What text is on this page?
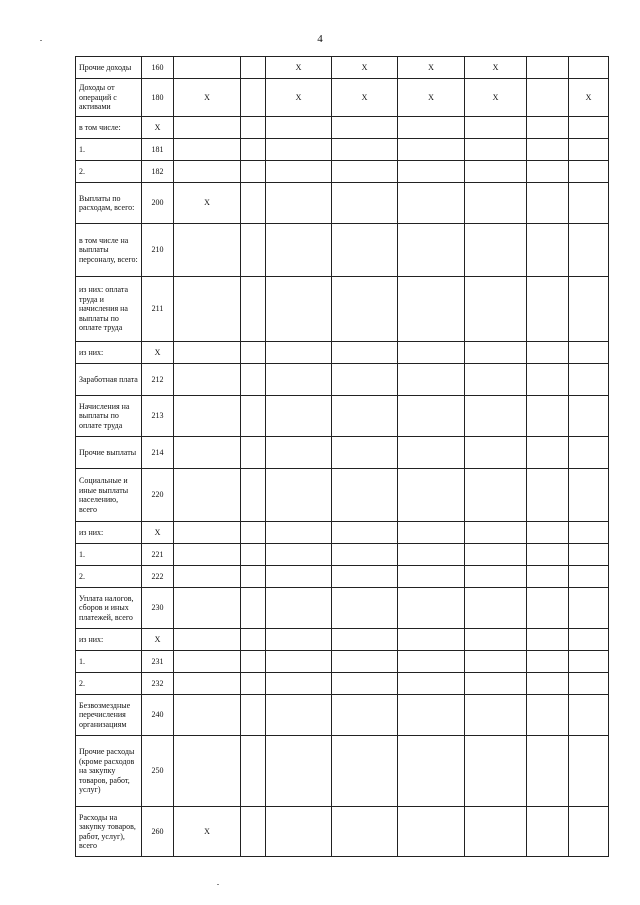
4
Прочие доходы	160			X	X	X	X		
Доходы от операций с активами	180	X		X	X	X	X		X
в том числе:	X								
1.	181								
2.	182								
Выплаты по расходам, всего:	200	X							
в том числе на выплаты персоналу, всего:	210								
из них: оплата труда и начисления на выплаты по оплате труда	211								
из них:	X								
Заработная плата	212								
Начисления на выплаты по оплате труда	213								
Прочие выплаты	214								
Социальные и иные выплаты населению, всего	220								
из них:	X								
1.	221								
2.	222								
Уплата налогов, сборов и иных платежей, всего	230								
из них:	X								
1.	231								
2.	232								
Безвозмездные перечисления организациям	240								
Прочие расходы (кроме расходов на закупку товаров, работ, услуг)	250								
Расходы на закупку товаров, работ, услуг), всего	260	X							
